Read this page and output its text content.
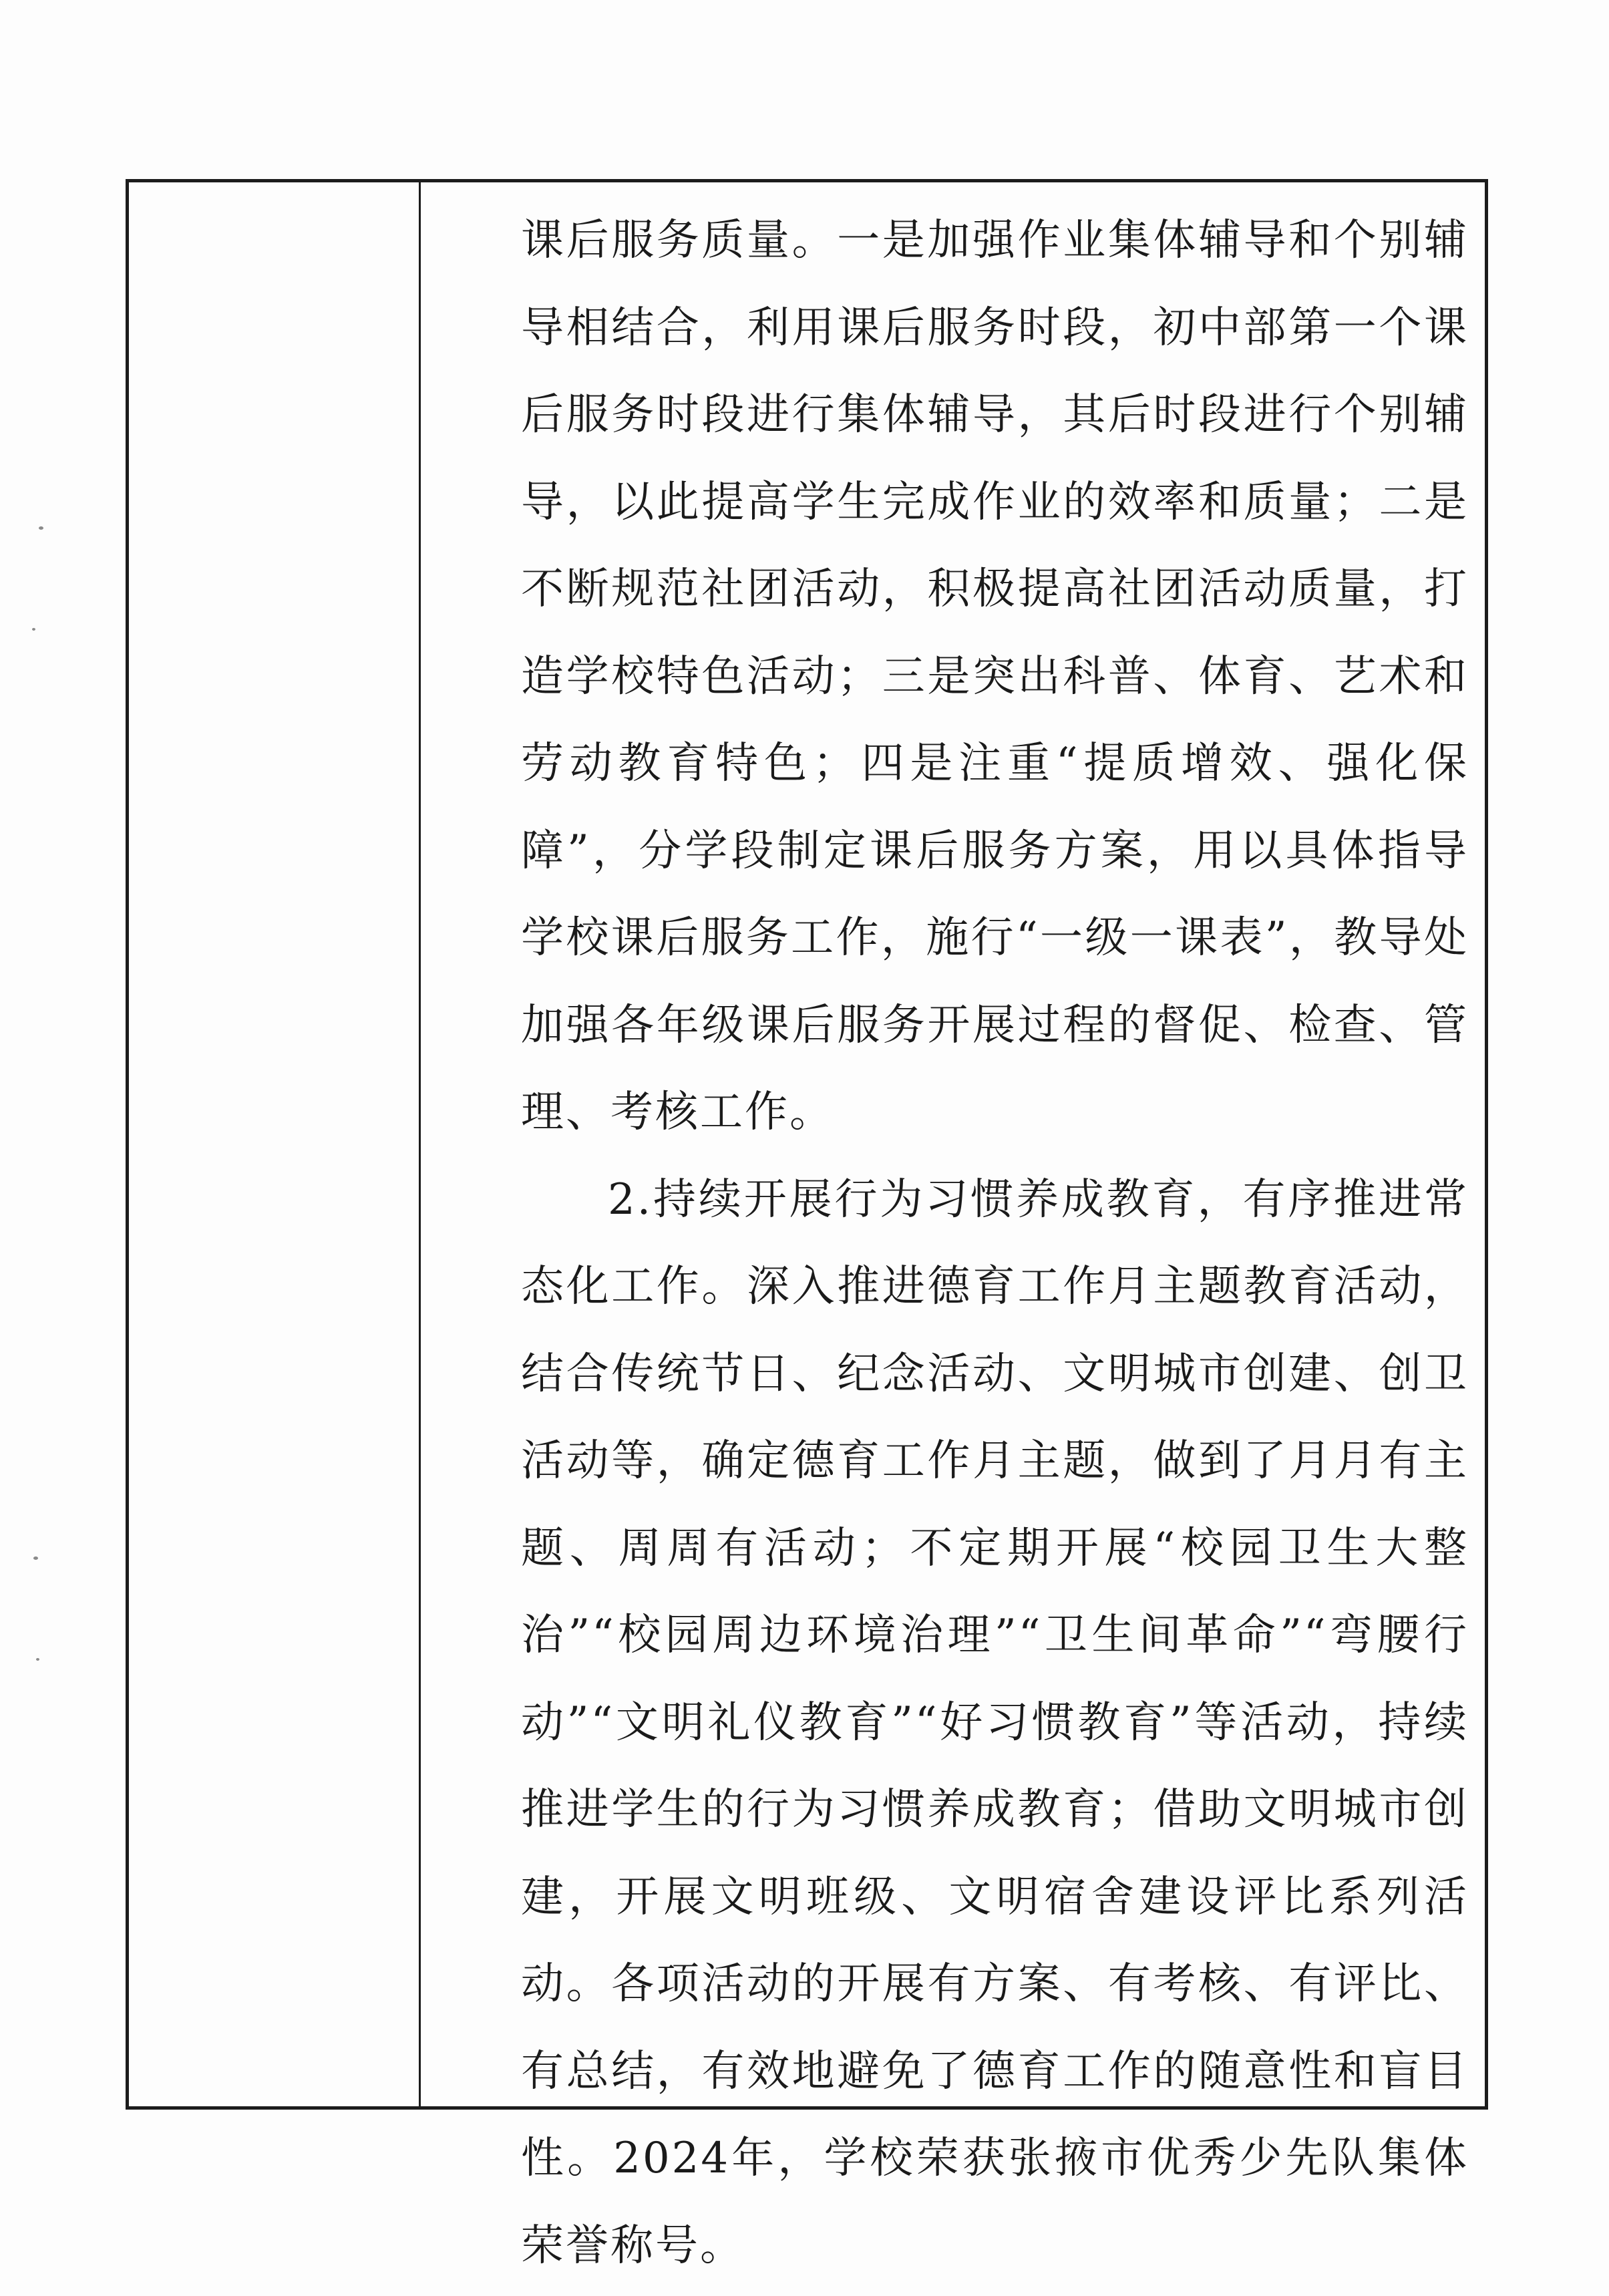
课后服务质量。一是加强作业集体辅导和个别辅导相结合，利用课后服务时段，初中部第一个课后服务时段进行集体辅导，其后时段进行个别辅导，以此提高学生完成作业的效率和质量；二是不断规范社团活动，积极提高社团活动质量，打造学校特色活动；三是突出科普、体育、艺术和劳动教育特色；四是注重“提质增效、强化保障”，分学段制定课后服务方案，用以具体指导学校课后服务工作，施行“一级一课表”，教导处加强各年级课后服务开展过程的督促、检查、管理、考核工作。

2.持续开展行为习惯养成教育，有序推进常态化工作。深入推进德育工作月主题教育活动，结合传统节日、纪念活动、文明城市创建、创卫活动等，确定德育工作月主题，做到了月月有主题、周周有活动；不定期开展“校园卫生大整治”“校园周边环境治理”“卫生间革命”“弯腰行动”“文明礼仪教育”“好习惯教育”等活动，持续推进学生的行为习惯养成教育；借助文明城市创建，开展文明班级、文明宿舍建设评比系列活动。各项活动的开展有方案、有考核、有评比、有总结，有效地避免了德育工作的随意性和盲目性。2024年，学校荣获张掖市优秀少先队集体荣誉称号。
